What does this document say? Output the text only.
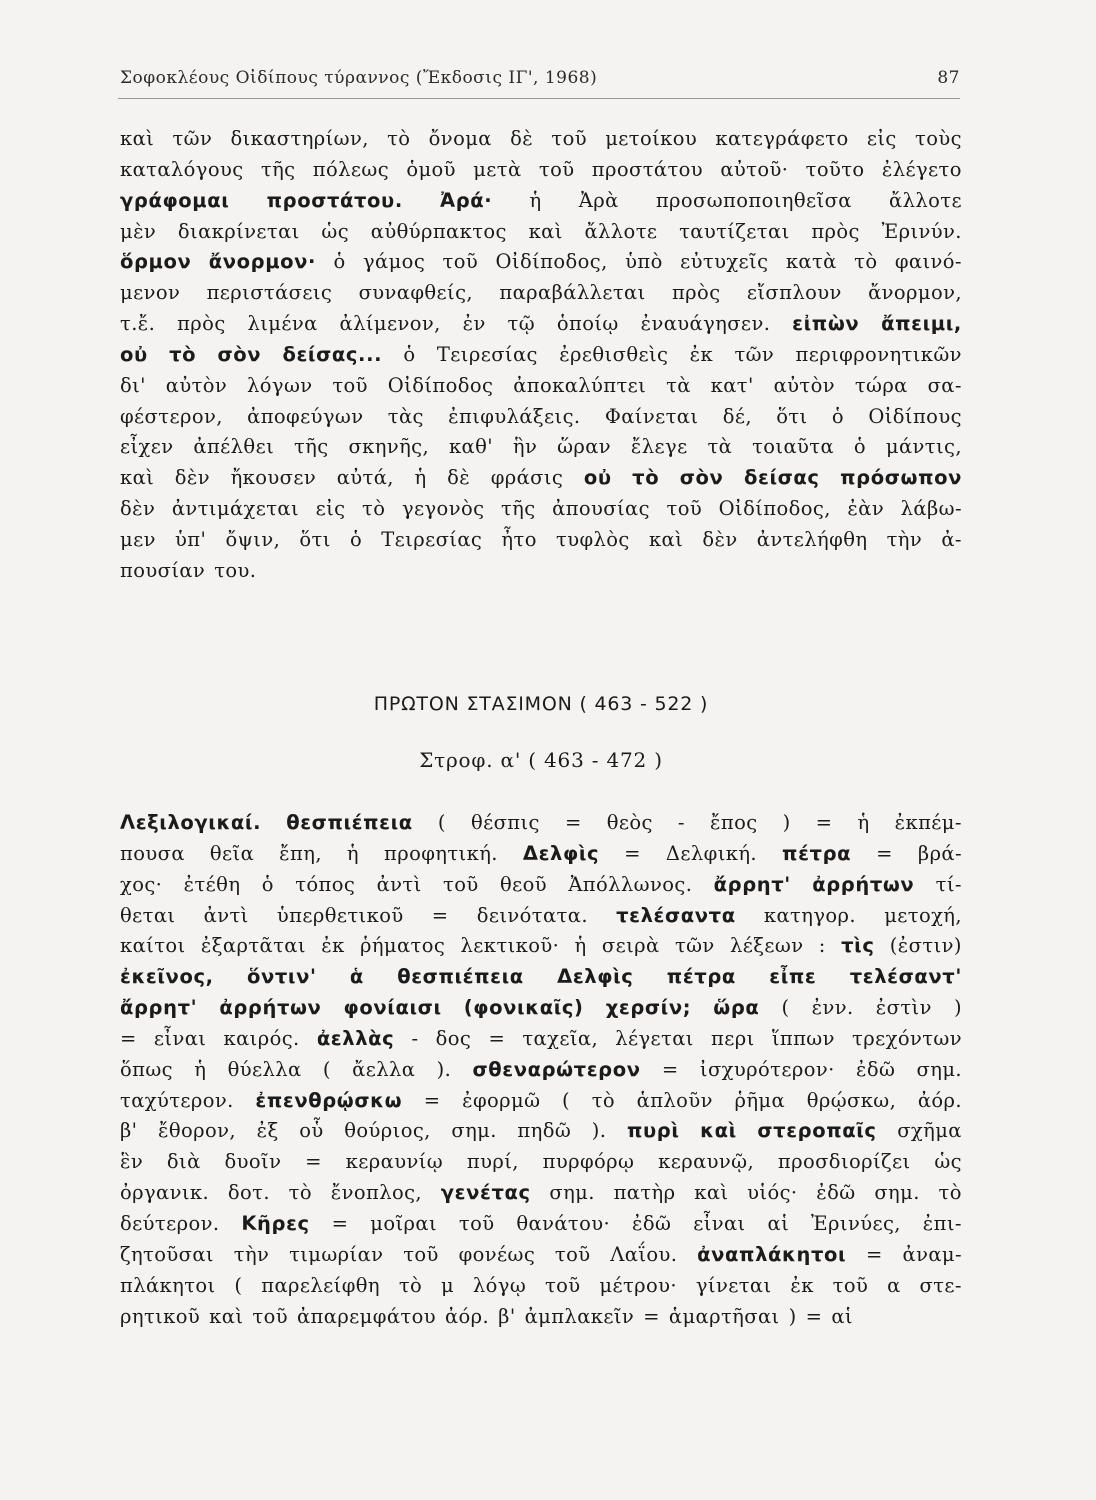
Σοφοκλέους Οἰδίπους τύραννος (Ἔκδοσις ΙΓ', 1968)	87
καὶ τῶν δικαστηρίων, τὸ ὄνομα δὲ τοῦ μετοίκου κατεγράφετο εἰς τοὺς
καταλόγους τῆς πόλεως ὁμοῦ μετὰ τοῦ προστάτου αὐτοῦ· τοῦτο ἐλέγετο
γράφομαι προστάτου. Ἀρά· ἡ Ἀρὰ προσωποποιηθεῖσα ἄλλοτε
μὲν διακρίνεται ὡς αὐθύρπακτος καὶ ἄλλοτε ταυτίζεται πρὸς Ἐρινύν.
ὅρμον ἄνορμον· ὁ γάμος τοῦ Οἰδίποδος, ὑπὸ εὐτυχεῖς κατὰ τὸ φαινό-
μενον περιστάσεις συναφθείς, παραβάλλεται πρὸς εἴσπλουν ἄνορμον,
τ.ἔ. πρὸς λιμένα ἀλίμενον, ἐν τῷ ὁποίῳ ἐναυάγησεν. εἰπὼν ἄπειμι,
οὐ τὸ σὸν δείσας... ὁ Τειρεσίας ἐρεθισθεὶς ἐκ τῶν περιφρονητικῶν
δι' αὐτὸν λόγων τοῦ Οἰδίποδος ἀποκαλύπτει τὰ κατ' αὐτὸν τώρα σα-
φέστερον, ἀποφεύγων τὰς ἐπιφυλάξεις. Φαίνεται δέ, ὅτι ὁ Οἰδίπους
εἶχεν ἀπέλθει τῆς σκηνῆς, καθ' ἣν ὥραν ἔλεγε τὰ τοιαῦτα ὁ μάντις,
καὶ δὲν ἤκουσεν αὐτά, ἡ δὲ φράσις οὐ τὸ σὸν δείσας πρόσωπον
δὲν ἀντιμάχεται εἰς τὸ γεγονὸς τῆς ἀπουσίας τοῦ Οἰδίποδος, ἐὰν λάβω-
μεν ὑπ' ὄψιν, ὅτι ὁ Τειρεσίας ἦτο τυφλὸς καὶ δὲν ἀντελήφθη τὴν ἀ-
πουσίαν του.
ΠΡΩΤΟΝ ΣΤΑΣΙΜΟΝ ( 463 - 522 )
Στροφ. α' ( 463 - 472 )
Λεξιλογικαί. θεσπιέπεια ( θέσπις = θεὸς - ἔπος ) = ἡ ἐκπέμ-
πουσα θεῖα ἔπη, ἡ προφητική. Δελφὶς = Δελφική. πέτρα = βρά-
χος· ἐτέθη ὁ τόπος ἀντὶ τοῦ θεοῦ Ἀπόλλωνος. ἄρρητ' ἀρρήτων τί-
θεται ἀντὶ ὑπερθετικοῦ = δεινότατα. τελέσαντα κατηγορ. μετοχή,
καίτοι ἐξαρτᾶται ἐκ ῥήματος λεκτικοῦ· ἡ σειρὰ τῶν λέξεων : τὶς (ἐστιν)
ἐκεῖνος, ὅντιν' ἁ θεσπιέπεια Δελφὶς πέτρα εἶπε τελέσαντ'
ἄρρητ' ἀρρήτων φονίαισι (φονικαῖς) χερσίν; ὥρα ( ἐνν. ἐστὶν )
= εἶναι καιρός. ἀελλὰς - δος = ταχεῖα, λέγεται περι ἵππων τρεχόντων
ὅπως ἡ θύελλα ( ἄελλα ). σθεναρώτερον = ἰσχυρότερον· ἐδῶ σημ.
ταχύτερον. ἐπενθρῴσκω = ἐφορμῶ ( τὸ ἁπλοῦν ῥῆμα θρῴσκω, ἀόρ.
β' ἔθορον, ἐξ οὗ θούριος, σημ. πηδῶ ). πυρὶ καὶ στεροπαῖς σχῆμα
ἓν διὰ δυοῖν = κεραυνίῳ πυρί, πυρφόρῳ κεραυνῷ, προσδιορίζει ὡς
ὀργανικ. δοτ. τὸ ἔνοπλος, γενέτας σημ. πατὴρ καὶ υἱός· ἐδῶ σημ. τὸ
δεύτερον. Κῆρες = μοῖραι τοῦ θανάτου· ἐδῶ εἶναι αἱ Ἐρινύες, ἐπι-
ζητοῦσαι τὴν τιμωρίαν τοῦ φονέως τοῦ Λαΐου. ἀναπλάκητοι = ἀναμ-
πλάκητοι ( παρελείφθη τὸ μ λόγῳ τοῦ μέτρου· γίνεται ἐκ τοῦ α στε-
ρητικοῦ καὶ τοῦ ἀπαρεμφάτου ἀόρ. β' ἀμπλακεῖν = ἁμαρτῆσαι ) = αἱ
